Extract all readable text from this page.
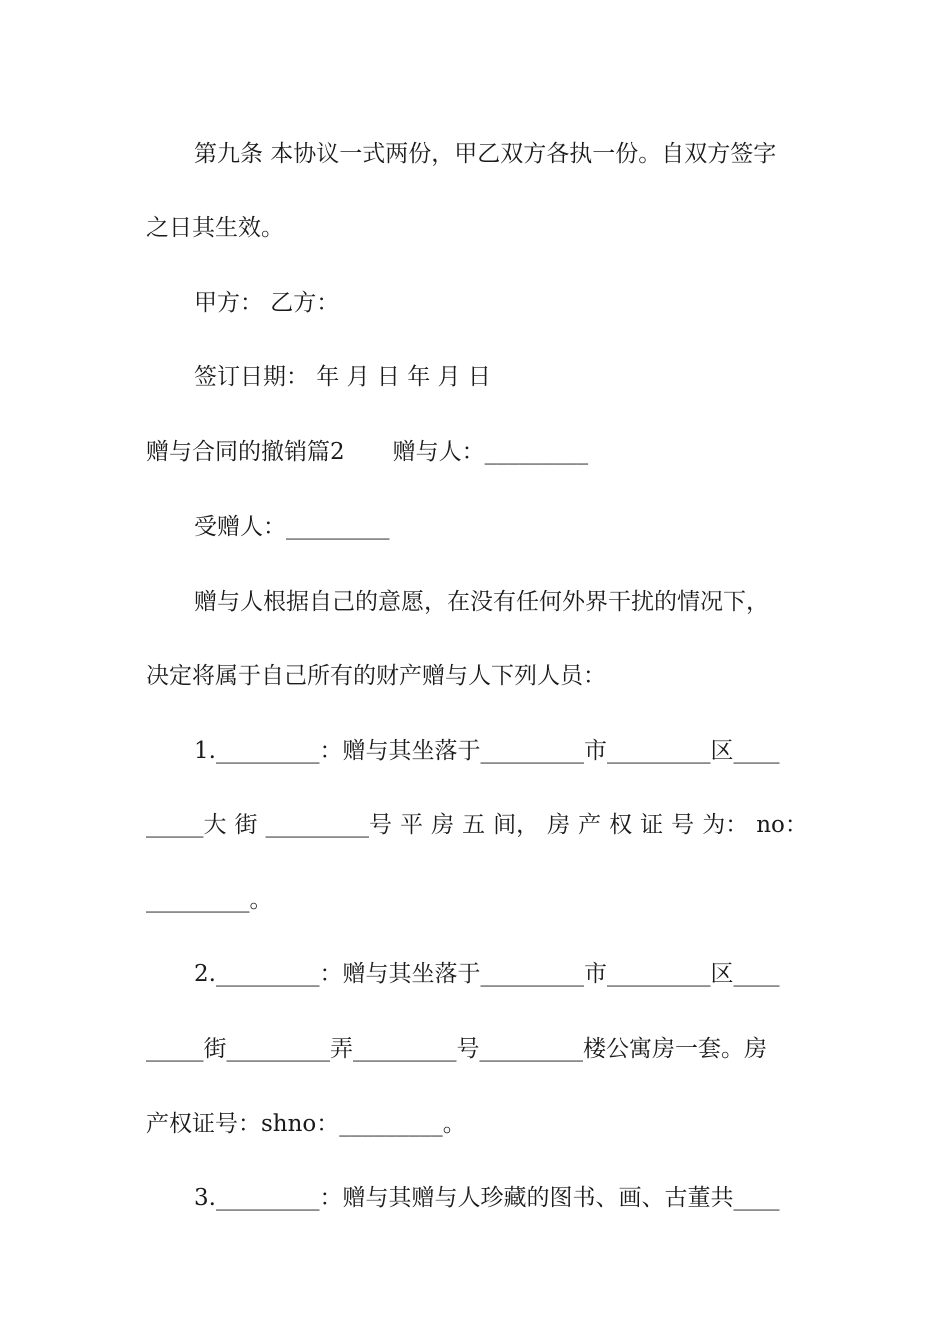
第九条 本协议一式两份，甲乙双方各执一份。自双方签字
之日其生效。
甲方： 乙方：
签订日期： 年 月 日 年 月 日
赠与合同的撤销篇2 赠与人：_________
受赠人：_________
赠与人根据自己的意愿，在没有任何外界干扰的情况下，
决定将属于自己所有的财产赠与人下列人员：
1._________：赠与其坐落于_________市_________区____
_____大 街 _________号 平 房 五 间， 房 产 权 证 号 为： no：
_________。
2._________：赠与其坐落于_________市_________区____
_____街_________弄_________号_________楼公寓房一套。房
产权证号：shno：_________。
3._________：赠与其赠与人珍藏的图书、画、古董共____
